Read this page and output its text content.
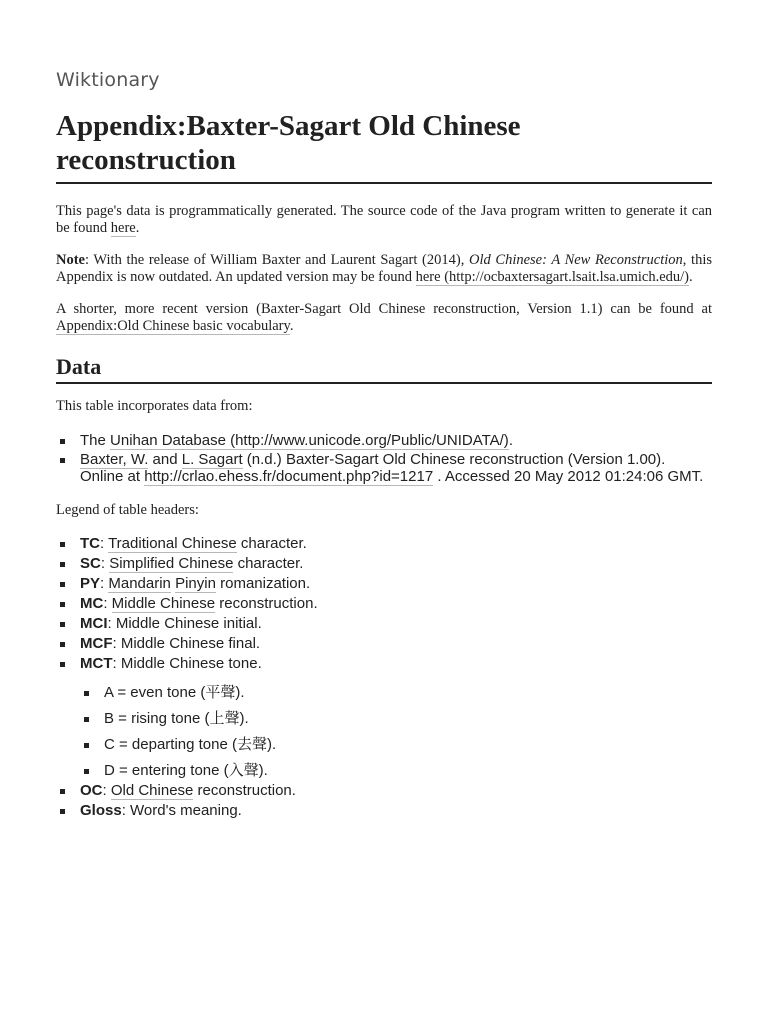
Wiktionary
Appendix:Baxter-Sagart Old Chinese
reconstruction

This page's data is programmatically generated. The source code of the Java program written to generate it can be found here.

Note: With the release of William Baxter and Laurent Sagart (2014), Old Chinese: A New Reconstruction, this Appendix is now outdated. An updated version may be found here (http://ocbaxtersagart.lsait.lsa.umich.edu/).

A shorter, more recent version (Baxter-Sagart Old Chinese reconstruction, Version 1.1) can be found at Appendix:Old Chinese basic vocabulary.

Data

This table incorporates data from:

The Unihan Database (http://www.unicode.org/Public/UNIDATA/).
Baxter, W. and L. Sagart (n.d.) Baxter-Sagart Old Chinese reconstruction (Version 1.00). Online at http://crlao.ehess.fr/document.php?id=1217 . Accessed 20 May 2012 01:24:06 GMT.

Legend of table headers:

TC: Traditional Chinese character.
SC: Simplified Chinese character.
PY: Mandarin Pinyin romanization.
MC: Middle Chinese reconstruction.
MCI: Middle Chinese initial.
MCF: Middle Chinese final.
MCT: Middle Chinese tone.
A = even tone (平聲).
B = rising tone (上聲).
C = departing tone (去聲).
D = entering tone (入聲).
OC: Old Chinese reconstruction.
Gloss: Word's meaning.
